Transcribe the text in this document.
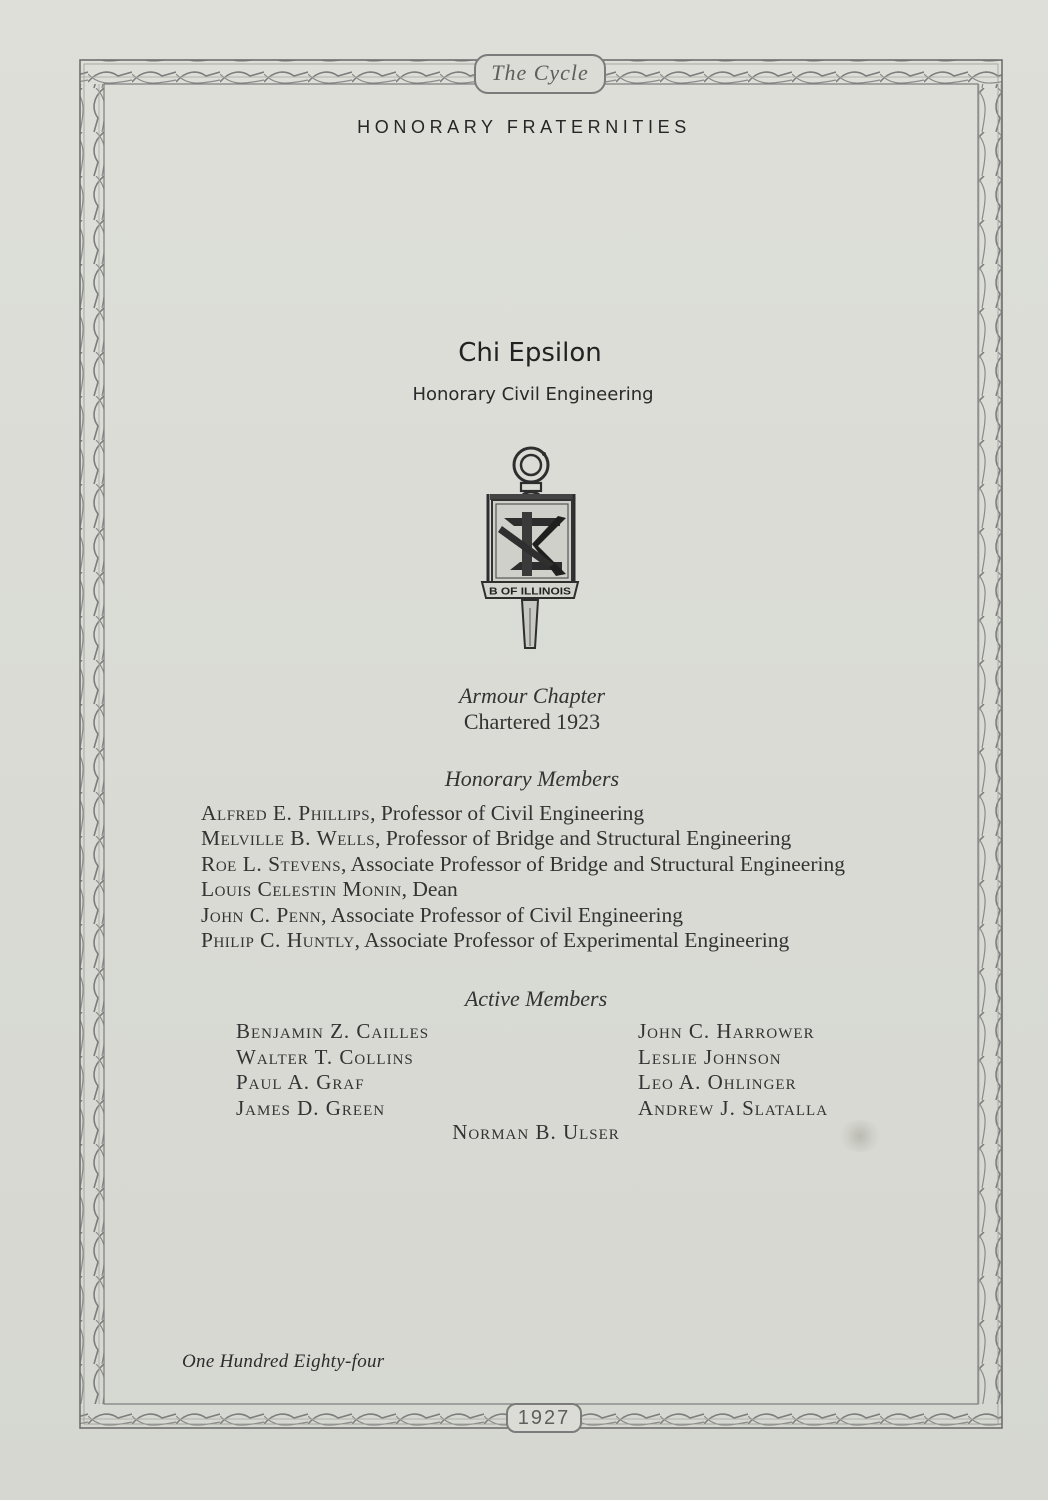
The Cycle
1927
HONORARY FRATERNITIES
Chi Epsilon
Honorary Civil Engineering
B OF ILLINOIS
Armour Chapter
Chartered 1923
Honorary Members
Alfred E. Phillips, Professor of Civil Engineering
Melville B. Wells, Professor of Bridge and Structural Engineering
Roe L. Stevens, Associate Professor of Bridge and Structural Engineering
Louis Celestin Monin, Dean
John C. Penn, Associate Professor of Civil Engineering
Philip C. Huntly, Associate Professor of Experimental Engineering
Active Members
Benjamin Z. Cailles
Walter T. Collins
Paul A. Graf
James D. Green
John C. Harrower
Leslie Johnson
Leo A. Ohlinger
Andrew J. Slatalla
Norman B. Ulser
One Hundred Eighty-four
